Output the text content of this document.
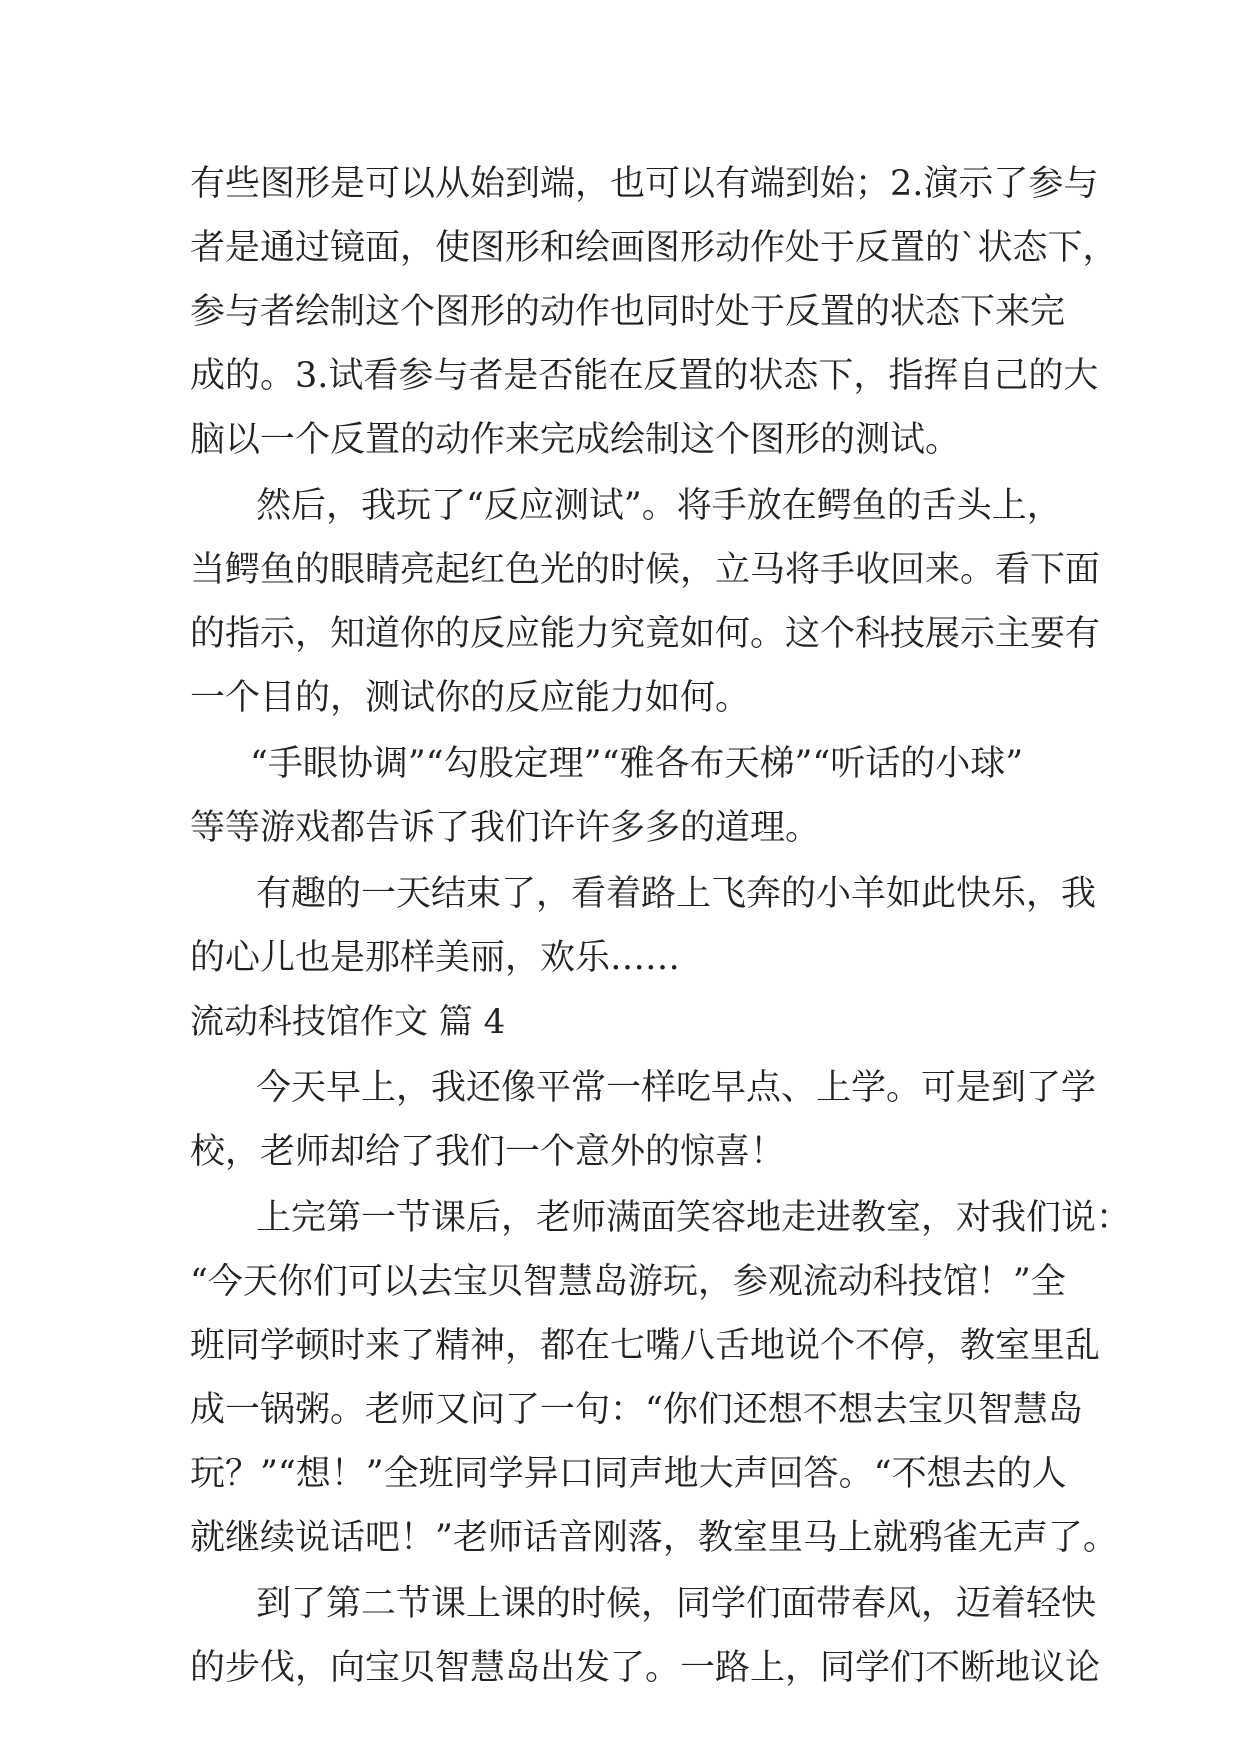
有些图形是可以从始到端，也可以有端到始；2.演示了参与
者是通过镜面，使图形和绘画图形动作处于反置的`状态下，
参与者绘制这个图形的动作也同时处于反置的状态下来完
成的。3.试看参与者是否能在反置的状态下，指挥自己的大
脑以一个反置的动作来完成绘制这个图形的测试。
然后，我玩了“反应测试”。将手放在鳄鱼的舌头上，
当鳄鱼的眼睛亮起红色光的时候，立马将手收回来。看下面
的指示，知道你的反应能力究竟如何。这个科技展示主要有
一个目的，测试你的反应能力如何。
“手眼协调”“勾股定理”“雅各布天梯”“听话的小球”
等等游戏都告诉了我们许许多多的道理。
有趣的一天结束了，看着路上飞奔的小羊如此快乐，我
的心儿也是那样美丽，欢乐……
流动科技馆作文 篇 4
今天早上，我还像平常一样吃早点、上学。可是到了学
校，老师却给了我们一个意外的惊喜！
上完第一节课后，老师满面笑容地走进教室，对我们说：
“今天你们可以去宝贝智慧岛游玩，参观流动科技馆！”全
班同学顿时来了精神，都在七嘴八舌地说个不停，教室里乱
成一锅粥。老师又问了一句：“你们还想不想去宝贝智慧岛
玩？”“想！”全班同学异口同声地大声回答。“不想去的人
就继续说话吧！”老师话音刚落，教室里马上就鸦雀无声了。
到了第二节课上课的时候，同学们面带春风，迈着轻快
的步伐，向宝贝智慧岛出发了。一路上，同学们不断地议论
